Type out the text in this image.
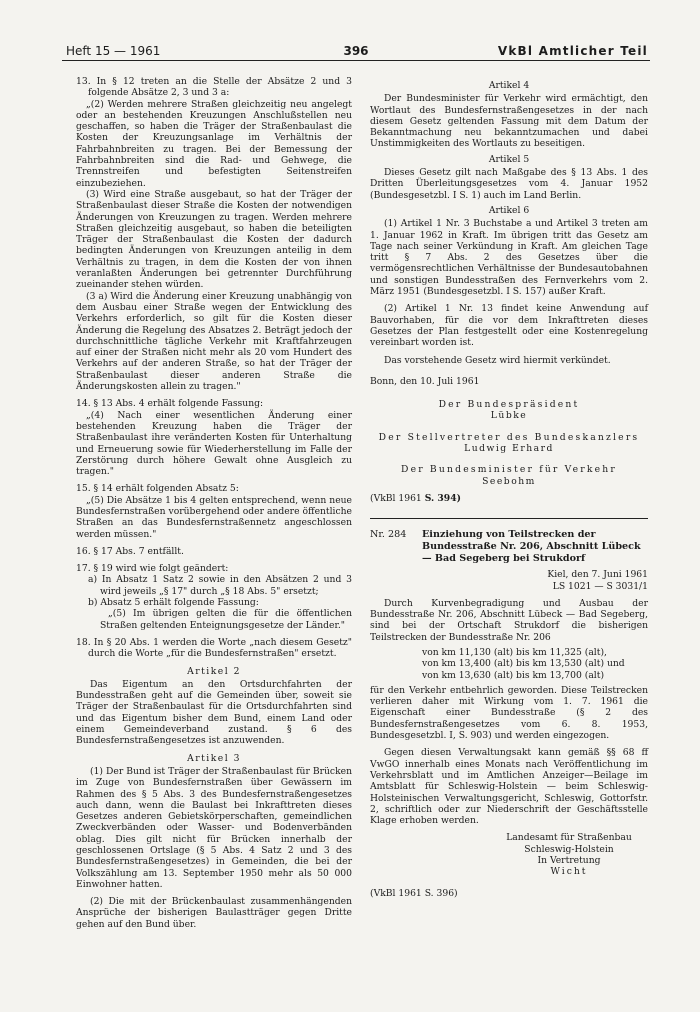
Heft 15 — 1961	396	VkBl Amtlicher Teil

13. In § 12 treten an die Stelle der Absätze 2 und 3 folgende Absätze 2, 3 und 3 a:

„(2) Werden mehrere Straßen gleichzeitig neu angelegt oder an bestehenden Kreuzungen Anschlußstellen neu geschaffen, so haben die Träger der Straßenbaulast die Kosten der Kreuzungsanlage im Verhältnis der Fahrbahnbreiten zu tragen. Bei der Bemessung der Fahrbahnbreiten sind die Rad- und Gehwege, die Trennstreifen und befestigten Seitenstreifen einzubeziehen.

(3) Wird eine Straße ausgebaut, so hat der Träger der Straßenbaulast dieser Straße die Kosten der notwendigen Änderungen von Kreuzungen zu tragen. Werden mehrere Straßen gleichzeitig ausgebaut, so haben die beteiligten Träger der Straßenbaulast die Kosten der dadurch bedingten Änderungen von Kreuzungen anteilig in dem Verhältnis zu tragen, in dem die Kosten der von ihnen veranlaßten Änderungen bei getrennter Durchführung zueinander stehen würden.

(3 a) Wird die Änderung einer Kreuzung unabhängig von dem Ausbau einer Straße wegen der Entwicklung des Verkehrs erforderlich, so gilt für die Kosten dieser Änderung die Regelung des Absatzes 2. Beträgt jedoch der durchschnittliche tägliche Verkehr mit Kraftfahrzeugen auf einer der Straßen nicht mehr als 20 vom Hundert des Verkehrs auf der anderen Straße, so hat der Träger der Straßenbaulast dieser anderen Straße die Änderungskosten allein zu tragen."

14. § 13 Abs. 4 erhält folgende Fassung:

„(4) Nach einer wesentlichen Änderung einer bestehenden Kreuzung haben die Träger der Straßenbaulast ihre veränderten Kosten für Unterhaltung und Erneuerung sowie für Wiederherstellung im Falle der Zerstörung durch höhere Gewalt ohne Ausgleich zu tragen."

15. § 14 erhält folgenden Absatz 5:

„(5) Die Absätze 1 bis 4 gelten entsprechend, wenn neue Bundesfernstraßen vorübergehend oder andere öffentliche Straßen an das Bundesfernstraßennetz angeschlossen werden müssen."

16. § 17 Abs. 7 entfällt.

17. § 19 wird wie folgt geändert:

a) In Absatz 1 Satz 2 sowie in den Absätzen 2 und 3 wird jeweils „§ 17" durch „§ 18 Abs. 5" ersetzt;

b) Absatz 5 erhält folgende Fassung:

„(5) Im übrigen gelten die für die öffentlichen Straßen geltenden Enteignungsgesetze der Länder."

18. In § 20 Abs. 1 werden die Worte „nach diesem Gesetz" durch die Worte „für die Bundesfernstraßen" ersetzt.

Artikel 2

Das Eigentum an den Ortsdurchfahrten der Bundesstraßen geht auf die Gemeinden über, soweit sie Träger der Straßenbaulast für die Ortsdurchfahrten sind und das Eigentum bisher dem Bund, einem Land oder einem Gemeindeverband zustand. § 6 des Bundesfernstraßengesetzes ist anzuwenden.

Artikel 3

(1) Der Bund ist Träger der Straßenbaulast für Brücken im Zuge von Bundesfernstraßen über Gewässern im Rahmen des § 5 Abs. 3 des Bundesfernstraßengesetzes auch dann, wenn die Baulast bei Inkrafttreten dieses Gesetzes anderen Gebietskörperschaften, gemeindlichen Zweckverbänden oder Wasser- und Bodenverbänden oblag. Dies gilt nicht für Brücken innerhalb der geschlossenen Ortslage (§ 5 Abs. 4 Satz 2 und 3 des Bundesfernstraßengesetzes) in Gemeinden, die bei der Volkszählung am 13. September 1950 mehr als 50 000 Einwohner hatten.

(2) Die mit der Brückenbaulast zusammenhängenden Ansprüche der bisherigen Baulastträger gegen Dritte gehen auf den Bund über.

Artikel 4

Der Bundesminister für Verkehr wird ermächtigt, den Wortlaut des Bundesfernstraßengesetzes in der nach diesem Gesetz geltenden Fassung mit dem Datum der Bekanntmachung neu bekanntzumachen und dabei Unstimmigkeiten des Wortlauts zu beseitigen.

Artikel 5

Dieses Gesetz gilt nach Maßgabe des § 13 Abs. 1 des Dritten Überleitungsgesetzes vom 4. Januar 1952 (Bundesgesetzbl. I S. 1) auch im Land Berlin.

Artikel 6

(1) Artikel 1 Nr. 3 Buchstabe a und Artikel 3 treten am 1. Januar 1962 in Kraft. Im übrigen tritt das Gesetz am Tage nach seiner Verkündung in Kraft. Am gleichen Tage tritt § 7 Abs. 2 des Gesetzes über die vermögensrechtlichen Verhältnisse der Bundesautobahnen und sonstigen Bundesstraßen des Fernverkehrs vom 2. März 1951 (Bundesgesetzbl. I S. 157) außer Kraft.

(2) Artikel 1 Nr. 13 findet keine Anwendung auf Bauvorhaben, für die vor dem Inkrafttreten dieses Gesetzes der Plan festgestellt oder eine Kostenregelung vereinbart worden ist.

Das vorstehende Gesetz wird hiermit verkündet.

Bonn, den 10. Juli 1961

Der Bundespräsident

Lübke

Der Stellvertreter des Bundeskanzlers

Ludwig Erhard

Der Bundesminister für Verkehr

Seebohm

(VkBl 1961 S. 394)

Nr. 284 Einziehung von Teilstrecken der Bundesstraße Nr. 206, Abschnitt Lübeck — Bad Segeberg bei Strukdorf

Kiel, den 7. Juni 1961

LS 1021 — S 3031/1

Durch Kurvenbegradigung und Ausbau der Bundesstraße Nr. 206, Abschnitt Lübeck — Bad Segeberg, sind bei der Ortschaft Strukdorf die bisherigen Teilstrecken der Bundesstraße Nr. 206

von km 11,130 (alt) bis km 11,325 (alt),

von km 13,400 (alt) bis km 13,530 (alt) und

von km 13,630 (alt) bis km 13,700 (alt)

für den Verkehr entbehrlich geworden. Diese Teilstrecken verlieren daher mit Wirkung vom 1. 7. 1961 die Eigenschaft einer Bundesstraße (§ 2 des Bundesfernstraßengesetzes vom 6. 8. 1953, Bundesgesetzbl. I, S. 903) und werden eingezogen.

Gegen diesen Verwaltungsakt kann gemäß §§ 68 ff VwGO innerhalb eines Monats nach Veröffentlichung im Verkehrsblatt und im Amtlichen Anzeiger—Beilage im Amtsblatt für Schleswig-Holstein — beim Schleswig-Holsteinischen Verwaltungsgericht, Schleswig, Gottorfstr. 2, schriftlich oder zur Niederschrift der Geschäftsstelle Klage erhoben werden.

Landesamt für Straßenbau

Schleswig-Holstein

In Vertretung

Wicht

(VkBl 1961 S. 396)
